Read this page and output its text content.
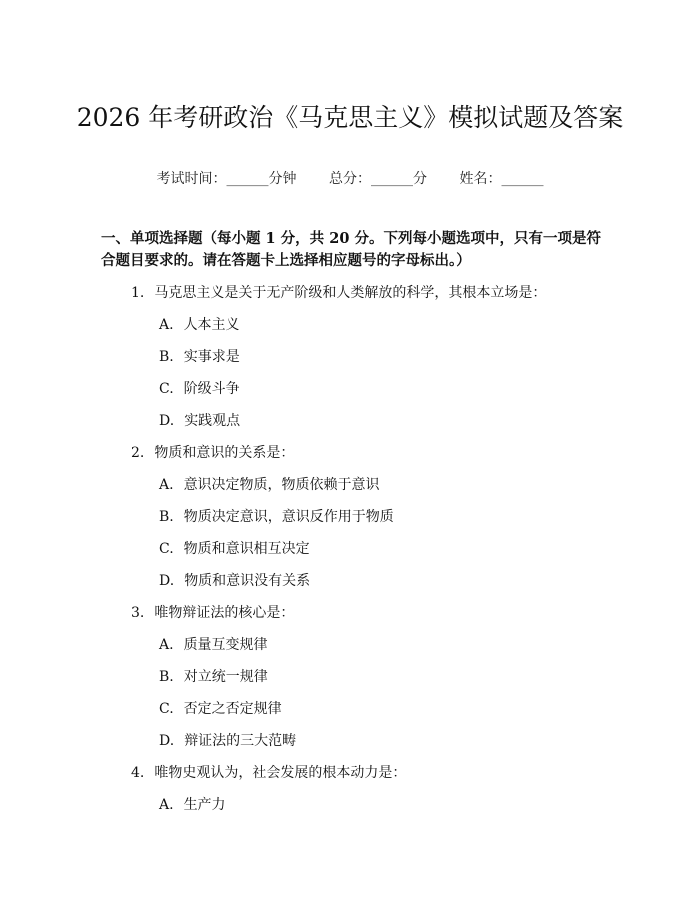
2026 年考研政治《马克思主义》模拟试题及答案
考试时间：______分钟 总分：______分 姓名：______
一、单项选择题（每小题 1 分，共 20 分。下列每小题选项中，只有一项是符合题目要求的。请在答题卡上选择相应题号的字母标出。）
1. 马克思主义是关于无产阶级和人类解放的科学，其根本立场是：
A. 人本主义
B. 实事求是
C. 阶级斗争
D. 实践观点
2. 物质和意识的关系是：
A. 意识决定物质，物质依赖于意识
B. 物质决定意识，意识反作用于物质
C. 物质和意识相互决定
D. 物质和意识没有关系
3. 唯物辩证法的核心是：
A. 质量互变规律
B. 对立统一规律
C. 否定之否定规律
D. 辩证法的三大范畴
4. 唯物史观认为，社会发展的根本动力是：
A. 生产力
